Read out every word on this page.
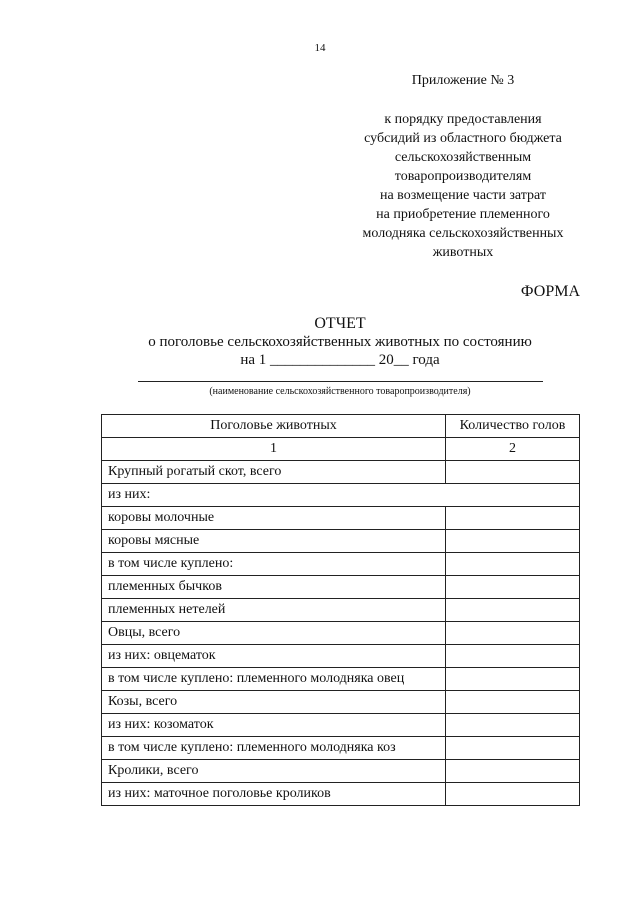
14
Приложение № 3
к порядку предоставления
субсидий из областного бюджета
сельскохозяйственным
товаропроизводителям
на возмещение части затрат
на приобретение племенного
молодняка сельскохозяйственных
животных
ФОРМА
ОТЧЕТ
о поголовье сельскохозяйственных животных по состоянию
на 1 ______________ 20__ года
(наименование сельскохозяйственного товаропроизводителя)
Поголовье животных	Количество голов
1	2
Крупный рогатый скот, всего	
из них:	
коровы молочные	
коровы мясные	
в том числе куплено:	
племенных бычков	
племенных нетелей	
Овцы, всего	
из них: овцематок	
в том числе куплено: племенного молодняка овец	
Козы, всего	
из них: козоматок	
в том числе куплено: племенного молодняка коз	
Кролики, всего	
из них: маточное поголовье кроликов	
